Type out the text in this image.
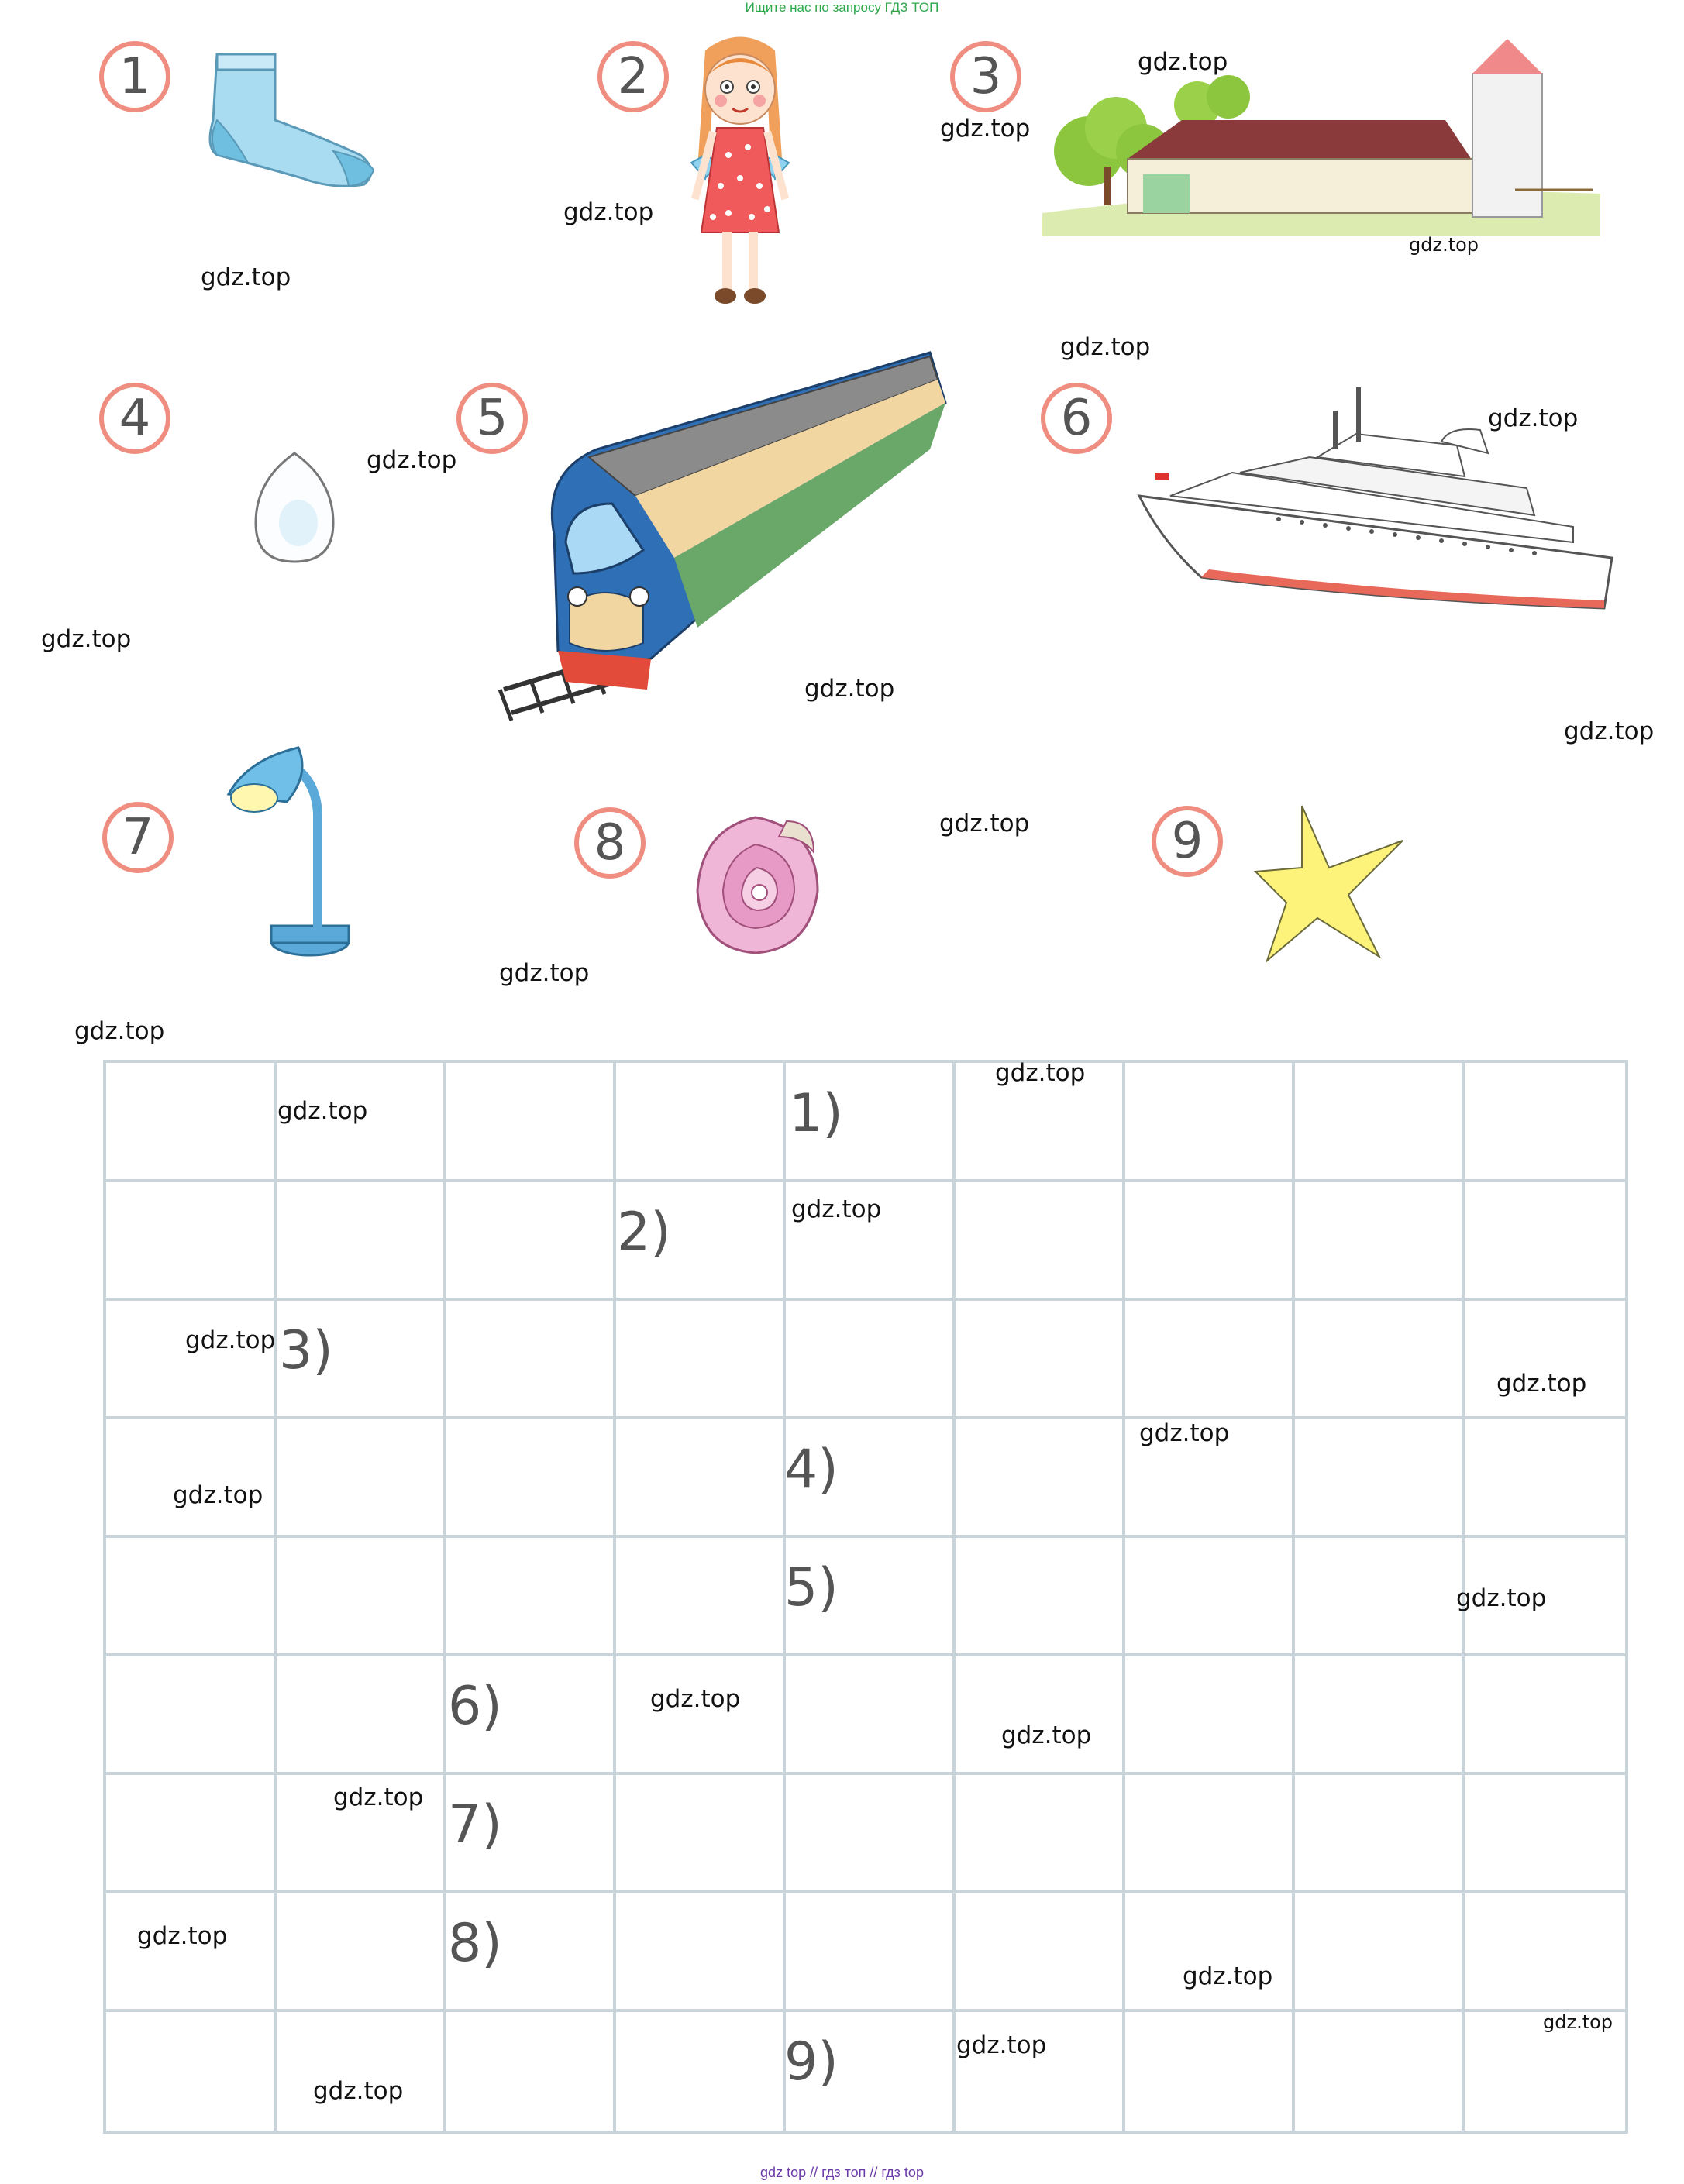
Ищите нас по запросу ГДЗ ТОП
gdz top // гдз топ // гдз top
1	2	3
4	5	6
7	8	9
1)
2)
3)
4)
5)
6)
7)
8)
9)
gdz.top
gdz.top
gdz.top
gdz.top
gdz.top
gdz.top
gdz.top
gdz.top
gdz.top
gdz.top
gdz.top
gdz.top
gdz.top
gdz.top
gdz.top
gdz.top
gdz.top
gdz.top
gdz.top
gdz.top
gdz.top
gdz.top
gdz.top
gdz.top
gdz.top
gdz.top
gdz.top
gdz.top
gdz.top
gdz.top
